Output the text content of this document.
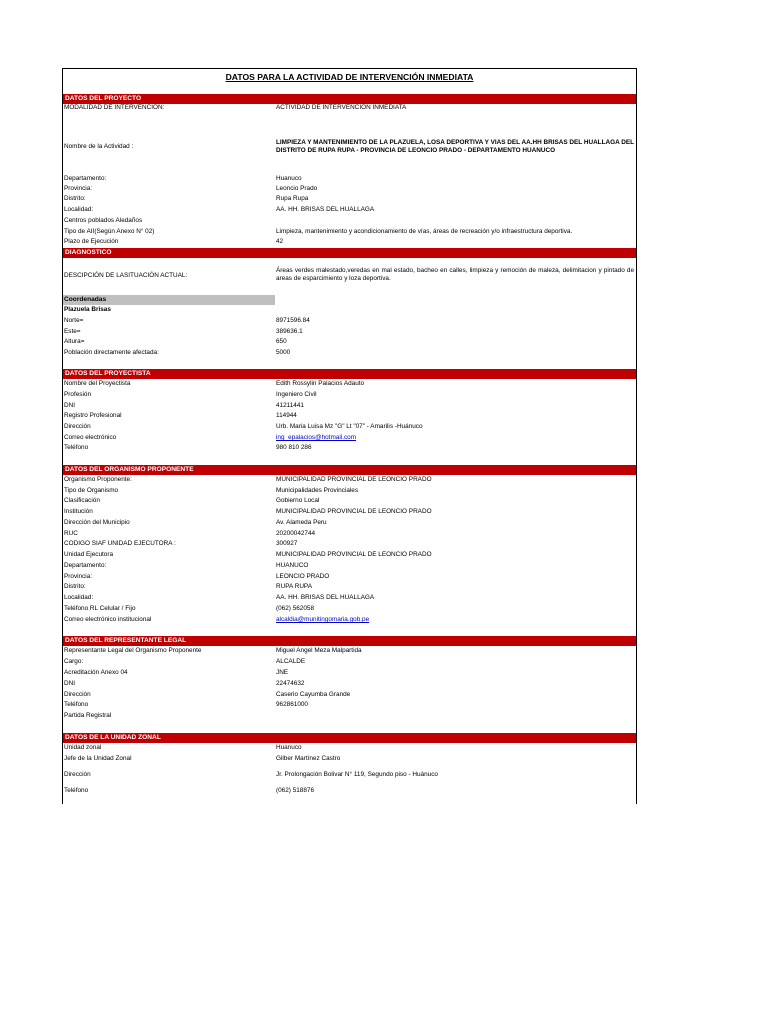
DATOS PARA LA ACTIVIDAD DE INTERVENCIÓN INMEDIATA
DATOS DEL PROYECTO
MODALIDAD DE INTERVENCION:	ACTIVIDAD DE INTERVENCIÓN INMEDIATA
Nombre de la Actividad :
LIMPIEZA Y MANTENIMIENTO DE LA PLAZUELA, LOSA DEPORTIVA Y VIAS DEL AA.HH BRISAS DEL HUALLAGA DEL DISTRITO DE RUPA RUPA - PROVINCIA DE LEONCIO PRADO - DEPARTAMENTO HUANUCO
Departamento:	Huanuco
Provincia:	Leoncio Prado
Distrito:	Rupa Rupa
Localidad:	AA. HH. BRISAS DEL HUALLAGA
Centros poblados Aledaños
Tipo de AII(Según Anexo N° 02)	Limpieza, mantenimiento y acondicionamiento de vías, áreas de recreación y/o infraestructura deportiva.
Plazo de Ejecución	42
DIAGNOSTICO
DESCIPCIÓN DE LASITUACIÓN ACTUAL:
Áreas verdes malestado,veredas en mal estado, bacheo en calles, limpieza y remoción de maleza, delimitacion y pintado de areas de esparcimiento y loza deportiva.
Coordenadas
Plazuela Brisas
Norte=	8971596.84
Este=	389636.1
Altura=	650
Población directamente afectada:	5000
DATOS DEL PROYECTISTA
Nombre del Proyectista	Edith Rossylin Palacios Adauto
Profesión	Ingeniero Civil
DNI	41211441
Registro Profesional	114944
Dirección	Urb. Maria Luisa Mz "G" Lt "07" - Amarilis -Huánuco
Correo electrónico	ing_epalacios@hotmail.com
Teléfono	980 810 286
DATOS DEL ORGANISMO PROPONENTE
Organismo Proponente:	MUNICIPALIDAD PROVINCIAL DE LEONCIO PRADO
Tipo de Organismo	Municipalidades Provinciales
Clasificación	Gobierno Local
Institución	MUNICIPALIDAD PROVINCIAL DE LEONCIO PRADO
Dirección del Municipio	Av. Alameda Peru
RUC	20200042744
CODIGO SIAF UNIDAD EJECUTORA :	300927
Unidad Ejecutora	MUNICIPALIDAD PROVINCIAL DE LEONCIO PRADO
Departamento:	HUANUCO
Provincia:	LEONCIO PRADO
Distrito:	RUPA RUPA
Localidad:	AA. HH. BRISAS DEL HUALLAGA
Teléfono RL Celular / Fijo	(062) 562058
Correo electrónico institucional	alcaldia@munitingomaria.gob.pe
DATOS DEL REPRESENTANTE LEGAL
Representante Legal del Organismo Proponente	Miguel Angel Meza Malpartida
Cargo:	ALCALDE
Acreditación Anexo 04	JNE
DNI	22474632
Dirección	Caserio Cayumba Grande
Teléfono	962861000
Partida Registral
DATOS DE LA UNIDAD ZONAL
Unidad zonal	Huanuco
Jefe de la Unidad Zonal	Gilber Martínez Castro
Dirección	Jr. Prolongación Bolivar N° 119, Segundo piso - Huánuco
Teléfono	(062) 518876
